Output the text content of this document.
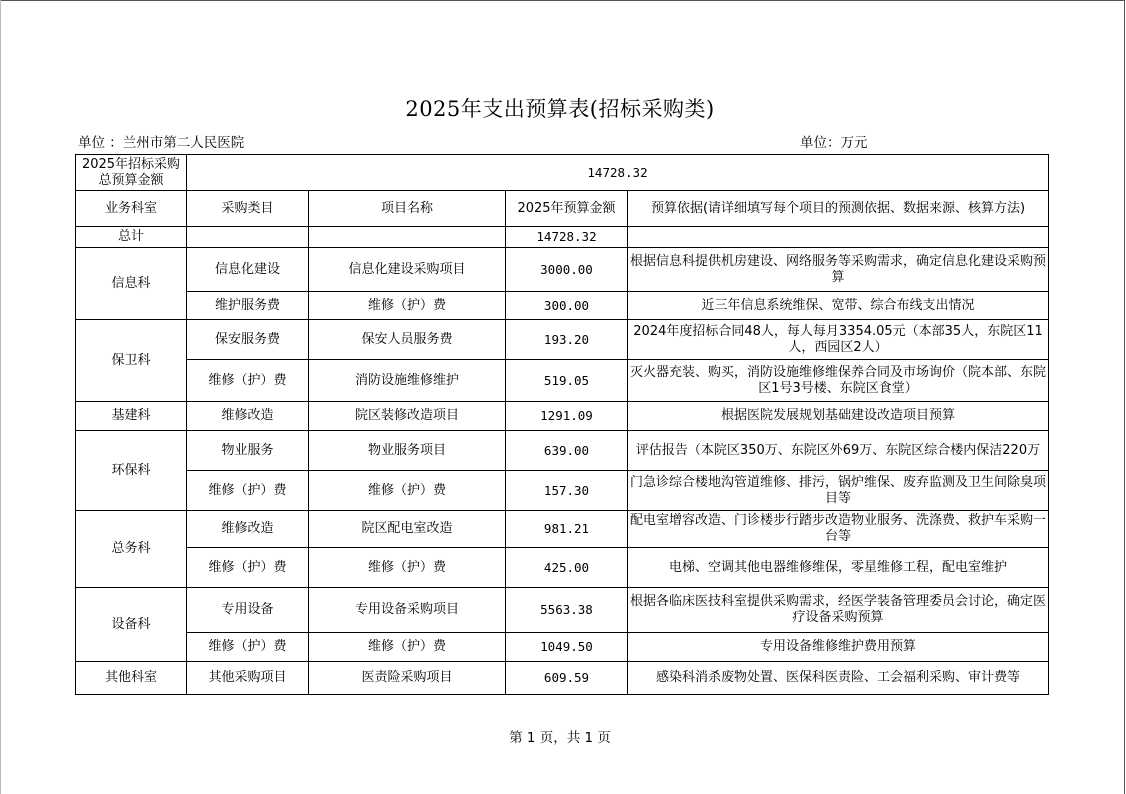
2025年支出预算表(招标采购类)
单位 ：兰州市第二人民医院	单位：万元
2025年招标采购总预算金额	14728.32			
业务科室	采购类目	项目名称	2025年预算金额	预算依据(请详细填写每个项目的预测依据、数据来源、核算方法)
总计			14728.32	
信息科	信息化建设	信息化建设采购项目	3000.00	根据信息科提供机房建设、网络服务等采购需求，确定信息化建设采购预算
	维护服务费	维修（护）费	300.00	近三年信息系统维保、宽带、综合布线支出情况
保卫科	保安服务费	保安人员服务费	193.20	2024年度招标合同48人，每人每月3354.05元（本部35人，东院区11人，西园区2人）
	维修（护）费	消防设施维修维护	519.05	灭火器充装、购买，消防设施维修维保养合同及市场询价（院本部、东院区1号3号楼、东院区食堂）
基建科	维修改造	院区装修改造项目	1291.09	根据医院发展规划基础建设改造项目预算
环保科	物业服务	物业服务项目	639.00	评估报告（本院区350万、东院区外69万、东院区综合楼内保洁220万
	维修（护）费	维修（护）费	157.30	门急诊综合楼地沟管道维修、排污，锅炉维保、废弃监测及卫生间除臭项目等
总务科	维修改造	院区配电室改造	981.21	配电室增容改造、门诊楼步行踏步改造物业服务、洗涤费、救护车采购一台等
	维修（护）费	维修（护）费	425.00	电梯、空调其他电器维修维保，零星维修工程，配电室维护
设备科	专用设备	专用设备采购项目	5563.38	根据各临床医技科室提供采购需求，经医学装备管理委员会讨论，确定医疗设备采购预算
	维修（护）费	维修（护）费	1049.50	专用设备维修维护费用预算
其他科室	其他采购项目	医责险采购项目	609.59	感染科消杀废物处置、医保科医责险、工会福利采购、审计费等
第 1 页，共 1 页
